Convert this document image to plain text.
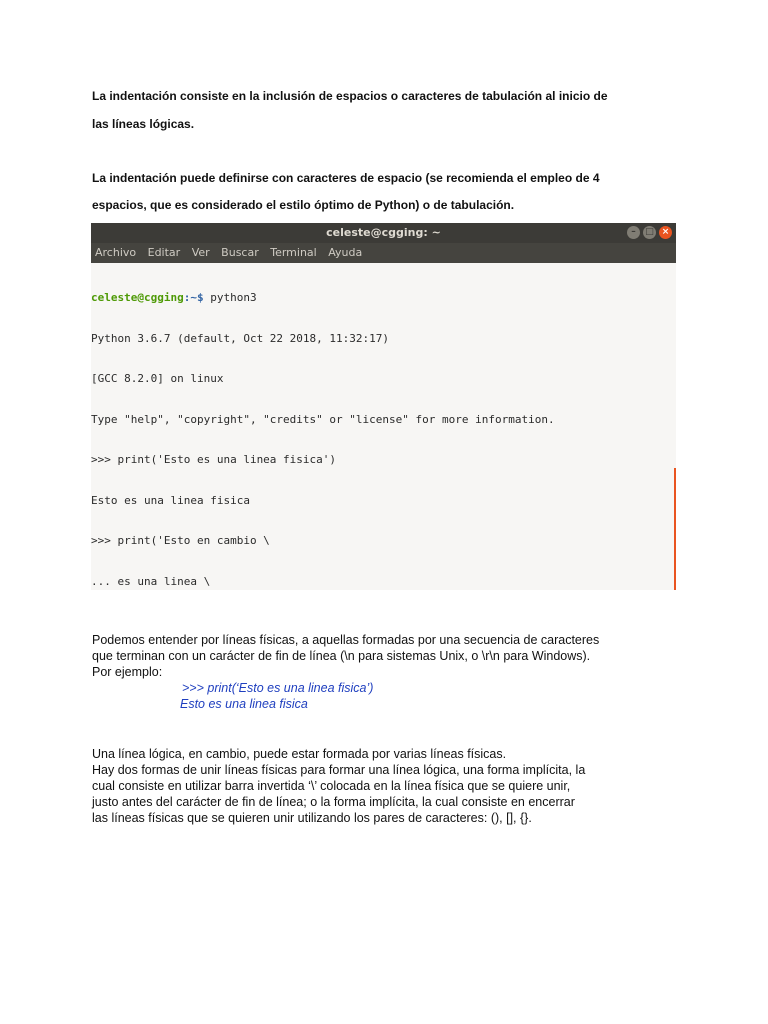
La indentación consiste en la inclusión de espacios o caracteres de tabulación al inicio de

las líneas lógicas.

La indentación puede definirse con caracteres de espacio (se recomienda el empleo de 4

espacios, que es considerado el estilo óptimo de Python) o de tabulación.

celeste@cgging: ~	– □ ×
Archivo Editar Ver Buscar Terminal Ayuda

celeste@cgging:~$ python3

Python 3.6.7 (default, Oct 22 2018, 11:32:17)

[GCC 8.2.0] on linux

Type "help", "copyright", "credits" or "license" for more information.

>>> print('Esto es una linea fisica')

Esto es una linea fisica

>>> print('Esto en cambio \

... es una linea \

Podemos entender por líneas físicas, a aquellas formadas por una secuencia de caracteres

que terminan con un carácter de fin de línea (\n para sistemas Unix, o \r\n para Windows).

Por ejemplo:

>>> print(‘Esto es una linea fisica’)
Esto es una linea fisica

Una línea lógica, en cambio, puede estar formada por varias líneas físicas.

Hay dos formas de unir líneas físicas para formar una línea lógica, una forma implícita, la

cual consiste en utilizar barra invertida ‘\’ colocada en la línea física que se quiere unir,

justo antes del carácter de fin de línea; o la forma implícita, la cual consiste en encerrar

las líneas físicas que se quieren unir utilizando los pares de caracteres: (), [], {}.
